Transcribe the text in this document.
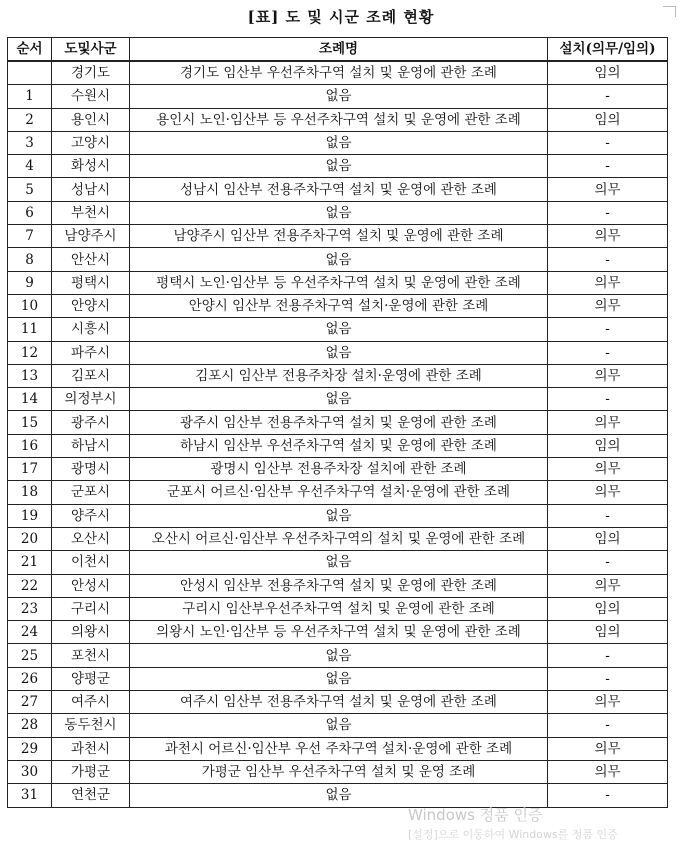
[표] 도 및 시군 조례 현황
순서	도및사군	조례명	설치(의무/임의)
	경기도	경기도 임산부 우선주차구역 설치 및 운영에 관한 조례	임의
1	수원시	없음	-
2	용인시	용인시 노인·임산부 등 우선주차구역 설치 및 운영에 관한 조례	임의
3	고양시	없음	-
4	화성시	없음	-
5	성남시	성남시 임산부 전용주차구역 설치 및 운영에 관한 조례	의무
6	부천시	없음	-
7	남양주시	남양주시 임산부 전용주차구역 설치 및 운영에 관한 조례	의무
8	안산시	없음	-
9	평택시	평택시 노인·임산부 등 우선주차구역 설치 및 운영에 관한 조례	의무
10	안양시	안양시 임산부 전용주차구역 설치·운영에 관한 조례	의무
11	시흥시	없음	-
12	파주시	없음	-
13	김포시	김포시 임산부 전용주차장 설치·운영에 관한 조례	의무
14	의정부시	없음	-
15	광주시	광주시 임산부 전용주차구역 설치 및 운영에 관한 조례	의무
16	하남시	하남시 임산부 우선주차구역 설치 및 운영에 관한 조례	임의
17	광명시	광명시 임산부 전용주차장 설치에 관한 조례	의무
18	군포시	군포시 어르신·임산부 우선주차구역 설치·운영에 관한 조례	의무
19	양주시	없음	-
20	오산시	오산시 어르신·임산부 우선주차구역의 설치 및 운영에 관한 조례	임의
21	이천시	없음	-
22	안성시	안성시 임산부 전용주차구역 설치 및 운영에 관한 조례	의무
23	구리시	구리시 임산부우선주차구역 설치 및 운영에 관한 조례	임의
24	의왕시	의왕시 노인·임산부 등 우선주차구역 설치 및 운영에 관한 조례	임의
25	포천시	없음	-
26	양평군	없음	-
27	여주시	여주시 임산부 전용주차구역 설치 및 운영에 관한 조례	의무
28	동두천시	없음	-
29	과천시	과천시 어르신·임산부 우선 주차구역 설치·운영에 관한 조례	의무
30	가평군	가평군 임산부 우선주차구역 설치 및 운영 조례	의무
31	연천군	없음	-
Windows 정품 인증
[설정]으로 이동하여 Windows를 정품 인증
